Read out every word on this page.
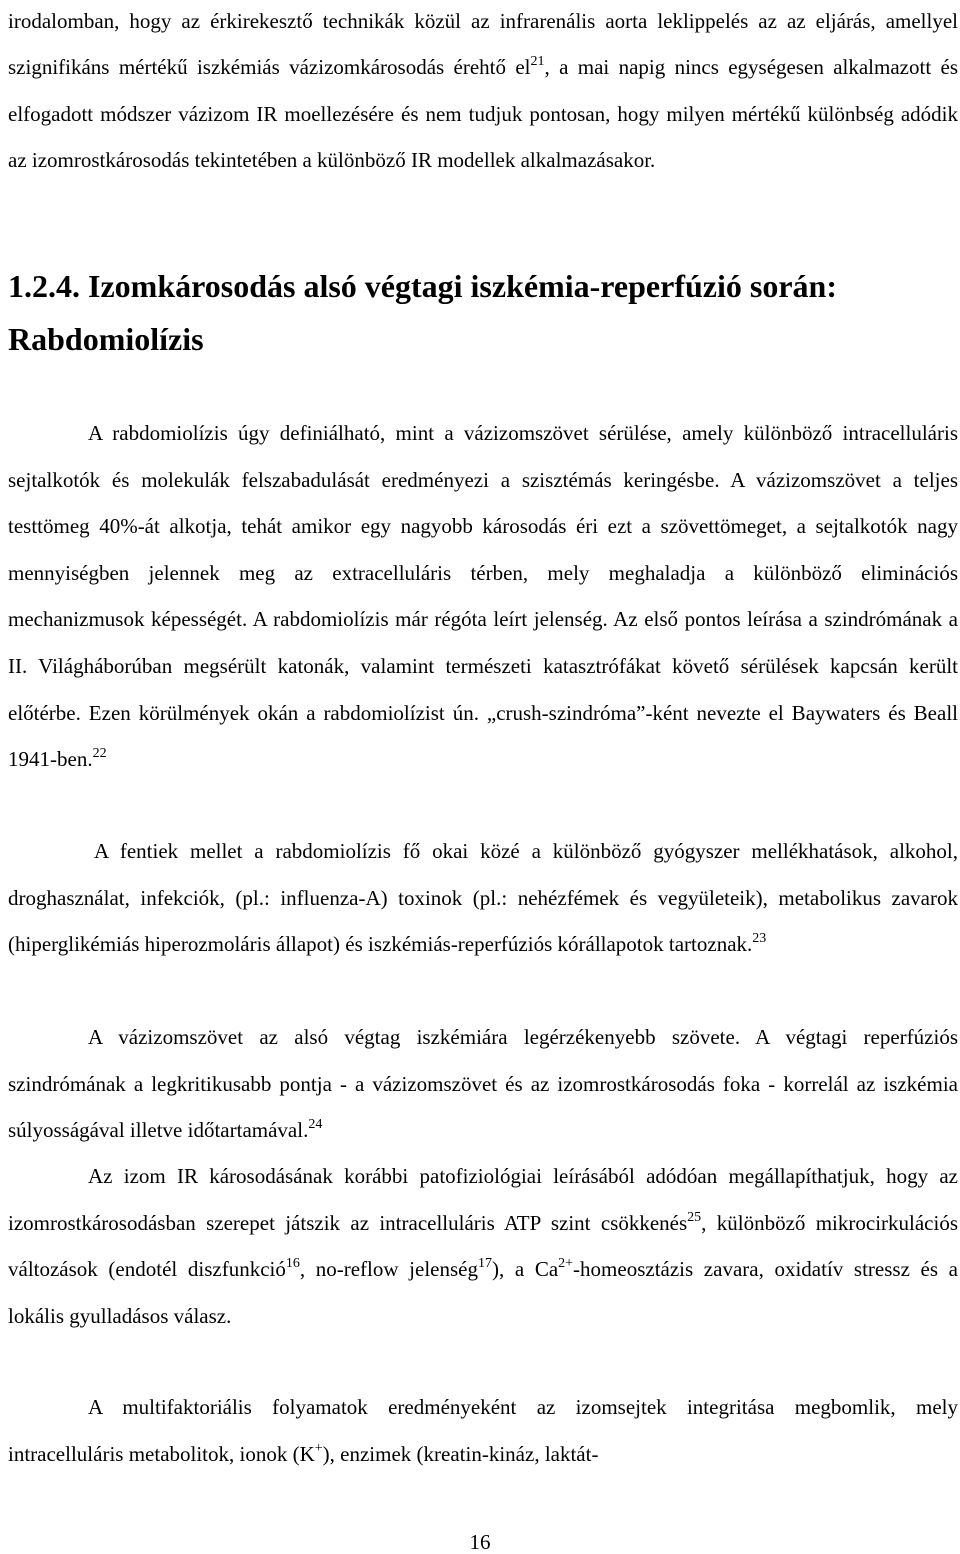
irodalomban, hogy az érkirekesztő technikák közül az infrarenális aorta leklippelés az az eljárás, amellyel szignifikáns mértékű iszkémiás vázizomkárosodás érehtő $el^{21}$, a mai napig nincs egységesen alkalmazott és elfogadott módszer vázizom IR moellezésére és nem tudjuk pontosan, hogy milyen mértékű különbség adódik az izomrostkárosodás tekintetében a különböző IR modellek alkalmazásakor.

1.2.4. Izomkárosodás alsó végtagi iszkémia-reperfúzió során:
Rabdomiolízis

A rabdomiolízis úgy definiálható, mint a vázizomszövet sérülése, amely különböző intracelluláris sejtalkotók és molekulák felszabadulását eredményezi a szisztémás keringésbe. A vázizomszövet a teljes testtömeg 40%-át alkotja, tehát amikor egy nagyobb károsodás éri ezt a szövettömeget, a sejtalkotók nagy mennyiségben jelennek meg az extracelluláris térben, mely meghaladja a különböző eliminációs mechanizmusok képességét. A rabdomiolízis már régóta leírt jelenség. Az első pontos leírása a szindrómának a II. Világháborúban megsérült katonák, valamint természeti katasztrófákat követő sérülések kapcsán került előtérbe. Ezen körülmények okán a rabdomiolízist ún. „crush-szindróma”-ként nevezte el Baywaters és Beall 1941-ben.$^{22}$

A fentiek mellet a rabdomiolízis fő okai közé a különböző gyógyszer mellékhatások, alkohol, droghasználat, infekciók, (pl.: influenza-A) toxinok (pl.: nehézfémek és vegyületeik), metabolikus zavarok (hiperglikémiás hiperozmoláris állapot) és iszkémiás-reperfúziós kórállapotok tartoznak.$^{23}$

A vázizomszövet az alsó végtag iszkémiára legérzékenyebb szövete. A végtagi reperfúziós szindrómának a legkritikusabb pontja - a vázizomszövet és az izomrostkárosodás foka - korrelál az iszkémia súlyosságával illetve időtartamával.$^{24}$

Az izom IR károsodásának korábbi patofiziológiai leírásából adódóan megállapíthatjuk, hogy az izomrostkárosodásban szerepet játszik az intracelluláris ATP szint csökkenés$^{25}$, különböző mikrocirkulációs változások (endotél diszfunkció$^{16}$, no-reflow jelenség$^{17}$), a $Ca^{2+}$-homeosztázis zavara, oxidatív stressz és a lokális gyulladásos válasz.

A multifaktoriális folyamatok eredményeként az izomsejtek integritása megbomlik, mely intracelluláris metabolitok, ionok (K+), enzimek (kreatin-kináz, laktát-

16
